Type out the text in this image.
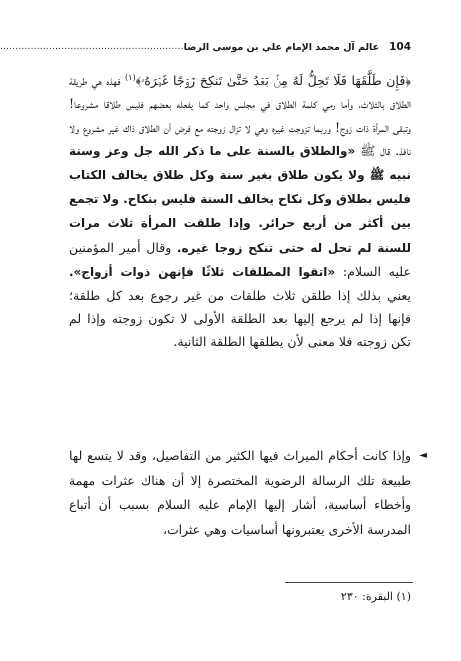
104
عالم آل محمد الإمام علي بن موسى الرضا
............................................................

﴿فَإِن طَلَّقَهَا فَلَا تَحِلُّ لَهُ مِنۢ بَعۡدُ حَتَّىٰ تَنكِحَ زَوۡجًا غَيۡرَهُۥ﴾$^{(١)}$ فهذه هي طريقة الطلاق بالثلاث، وأما رمي كلمة الطلاق في مجلس واحد كما يفعله بعضهم فليس طلاقا مشروعا! وتبقى المرأة ذات زوج! وربما تزوجت غيره وهي لا تزال زوجته مع فرض أن الطلاق ذاك غير مشروع ولا نافذ. قال ﷺ «والطلاق بالسنة على ما ذكر الله جل وعز وسنة نبيه ﷺ ولا يكون طلاق بغير سنة وكل طلاق يخالف الكتاب فليس بطلاق وكل نكاح يخالف السنة فليس بنكاح. ولا تجمع بين أكثر من أربع حرائر. وإذا طلقت المرأة ثلاث مرات للسنة لم تحل له حتى تنكح زوجا غيره. وقال أمير المؤمنين عليه السلام: «اتقوا المطلقات ثلاثًا فإنهن ذوات أزواج». يعني بذلك إذا طلقن ثلاث طلقات من غير رجوع بعد كل طلقة؛ فإنها إذا لم يرجع إليها بعد الطلقة الأولى لا تكون زوجته وإذا لم تكن زوجته فلا معنى لأن يطلقها الطلقة الثانية.

◄
وإذا كانت أحكام الميراث فيها الكثير من التفاصيل، وقد لا يتسع لها طبيعة تلك الرسالة الرضوية المختصرة إلا أن هناك عثرات مهمة وأخطاء أساسية، أشار إليها الإمام عليه السلام بسبب أن أتباع المدرسة الأخرى يعتبرونها أساسيات وهي عثرات،
(١) البقرة: ٢٣٠
